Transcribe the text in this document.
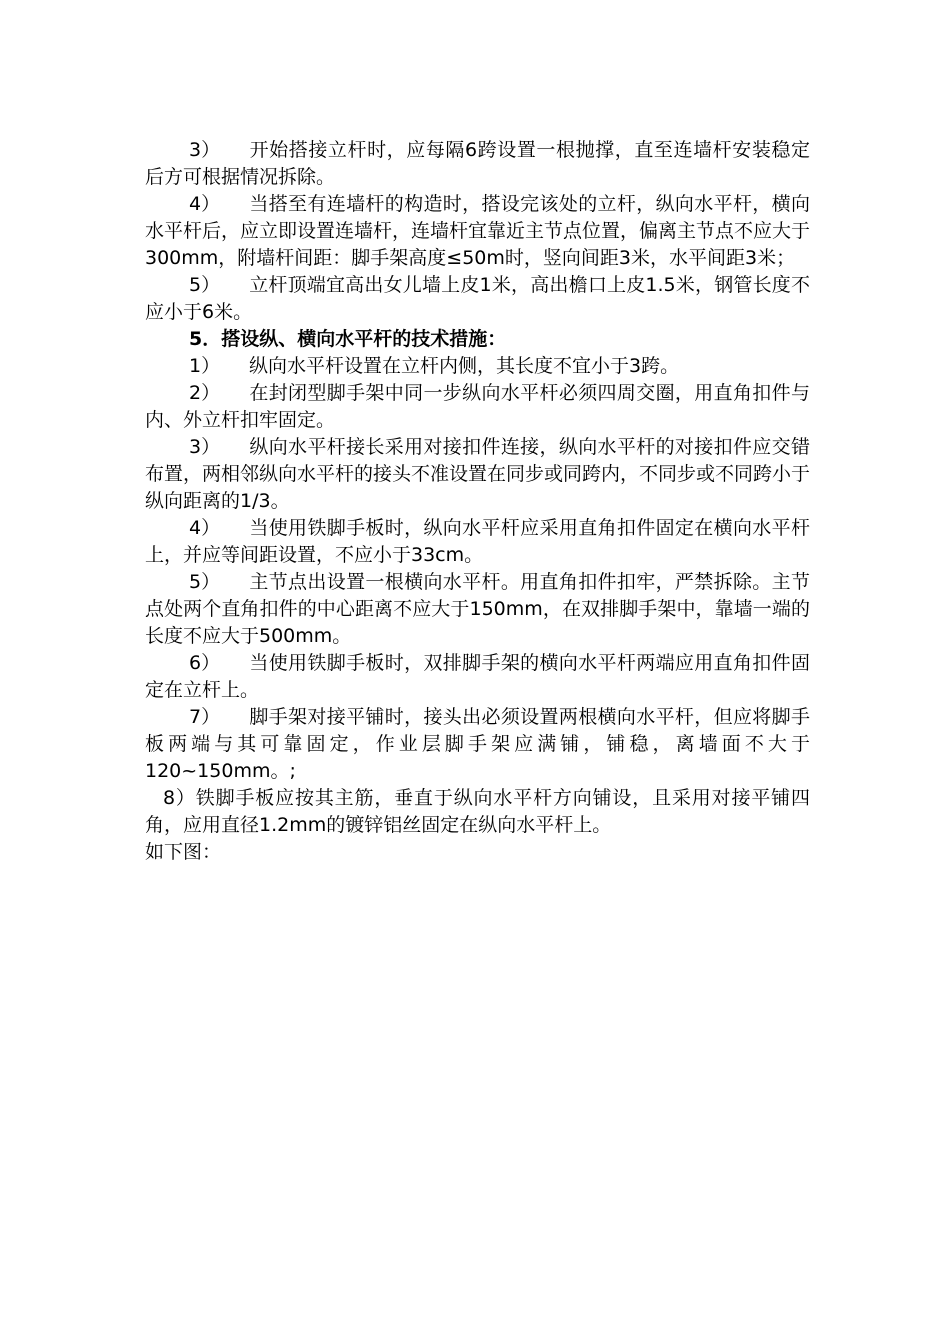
3） 开始搭接立杆时，应每隔6跨设置一根抛撑，直至连墙杆安装稳定后方可根据情况拆除。

4） 当搭至有连墙杆的构造时，搭设完该处的立杆，纵向水平杆，横向水平杆后，应立即设置连墙杆，连墙杆宜靠近主节点位置，偏离主节点不应大于300mm，附墙杆间距：脚手架高度≤50m时，竖向间距3米，水平间距3米；

5） 立杆顶端宜高出女儿墙上皮1米，高出檐口上皮1.5米，钢管长度不应小于6米。

5．搭设纵、横向水平杆的技术措施：

1） 纵向水平杆设置在立杆内侧，其长度不宜小于3跨。

2） 在封闭型脚手架中同一步纵向水平杆必须四周交圈，用直角扣件与内、外立杆扣牢固定。

3） 纵向水平杆接长采用对接扣件连接，纵向水平杆的对接扣件应交错布置，两相邻纵向水平杆的接头不准设置在同步或同跨内，不同步或不同跨小于纵向距离的1/3。

4） 当使用铁脚手板时，纵向水平杆应采用直角扣件固定在横向水平杆上，并应等间距设置，不应小于33cm。

5） 主节点出设置一根横向水平杆。用直角扣件扣牢，严禁拆除。主节点处两个直角扣件的中心距离不应大于150mm，在双排脚手架中，靠墙一端的长度不应大于500mm。

6） 当使用铁脚手板时，双排脚手架的横向水平杆两端应用直角扣件固定在立杆上。

7） 脚手架对接平铺时，接头出必须设置两根横向水平杆，但应将脚手板两端与其可靠固定，作业层脚手架应满铺，铺稳，离墙面不大于120~150mm。;

8）铁脚手板应按其主筋，垂直于纵向水平杆方向铺设，且采用对接平铺四角，应用直径1.2mm的镀锌铝丝固定在纵向水平杆上。

如下图：
